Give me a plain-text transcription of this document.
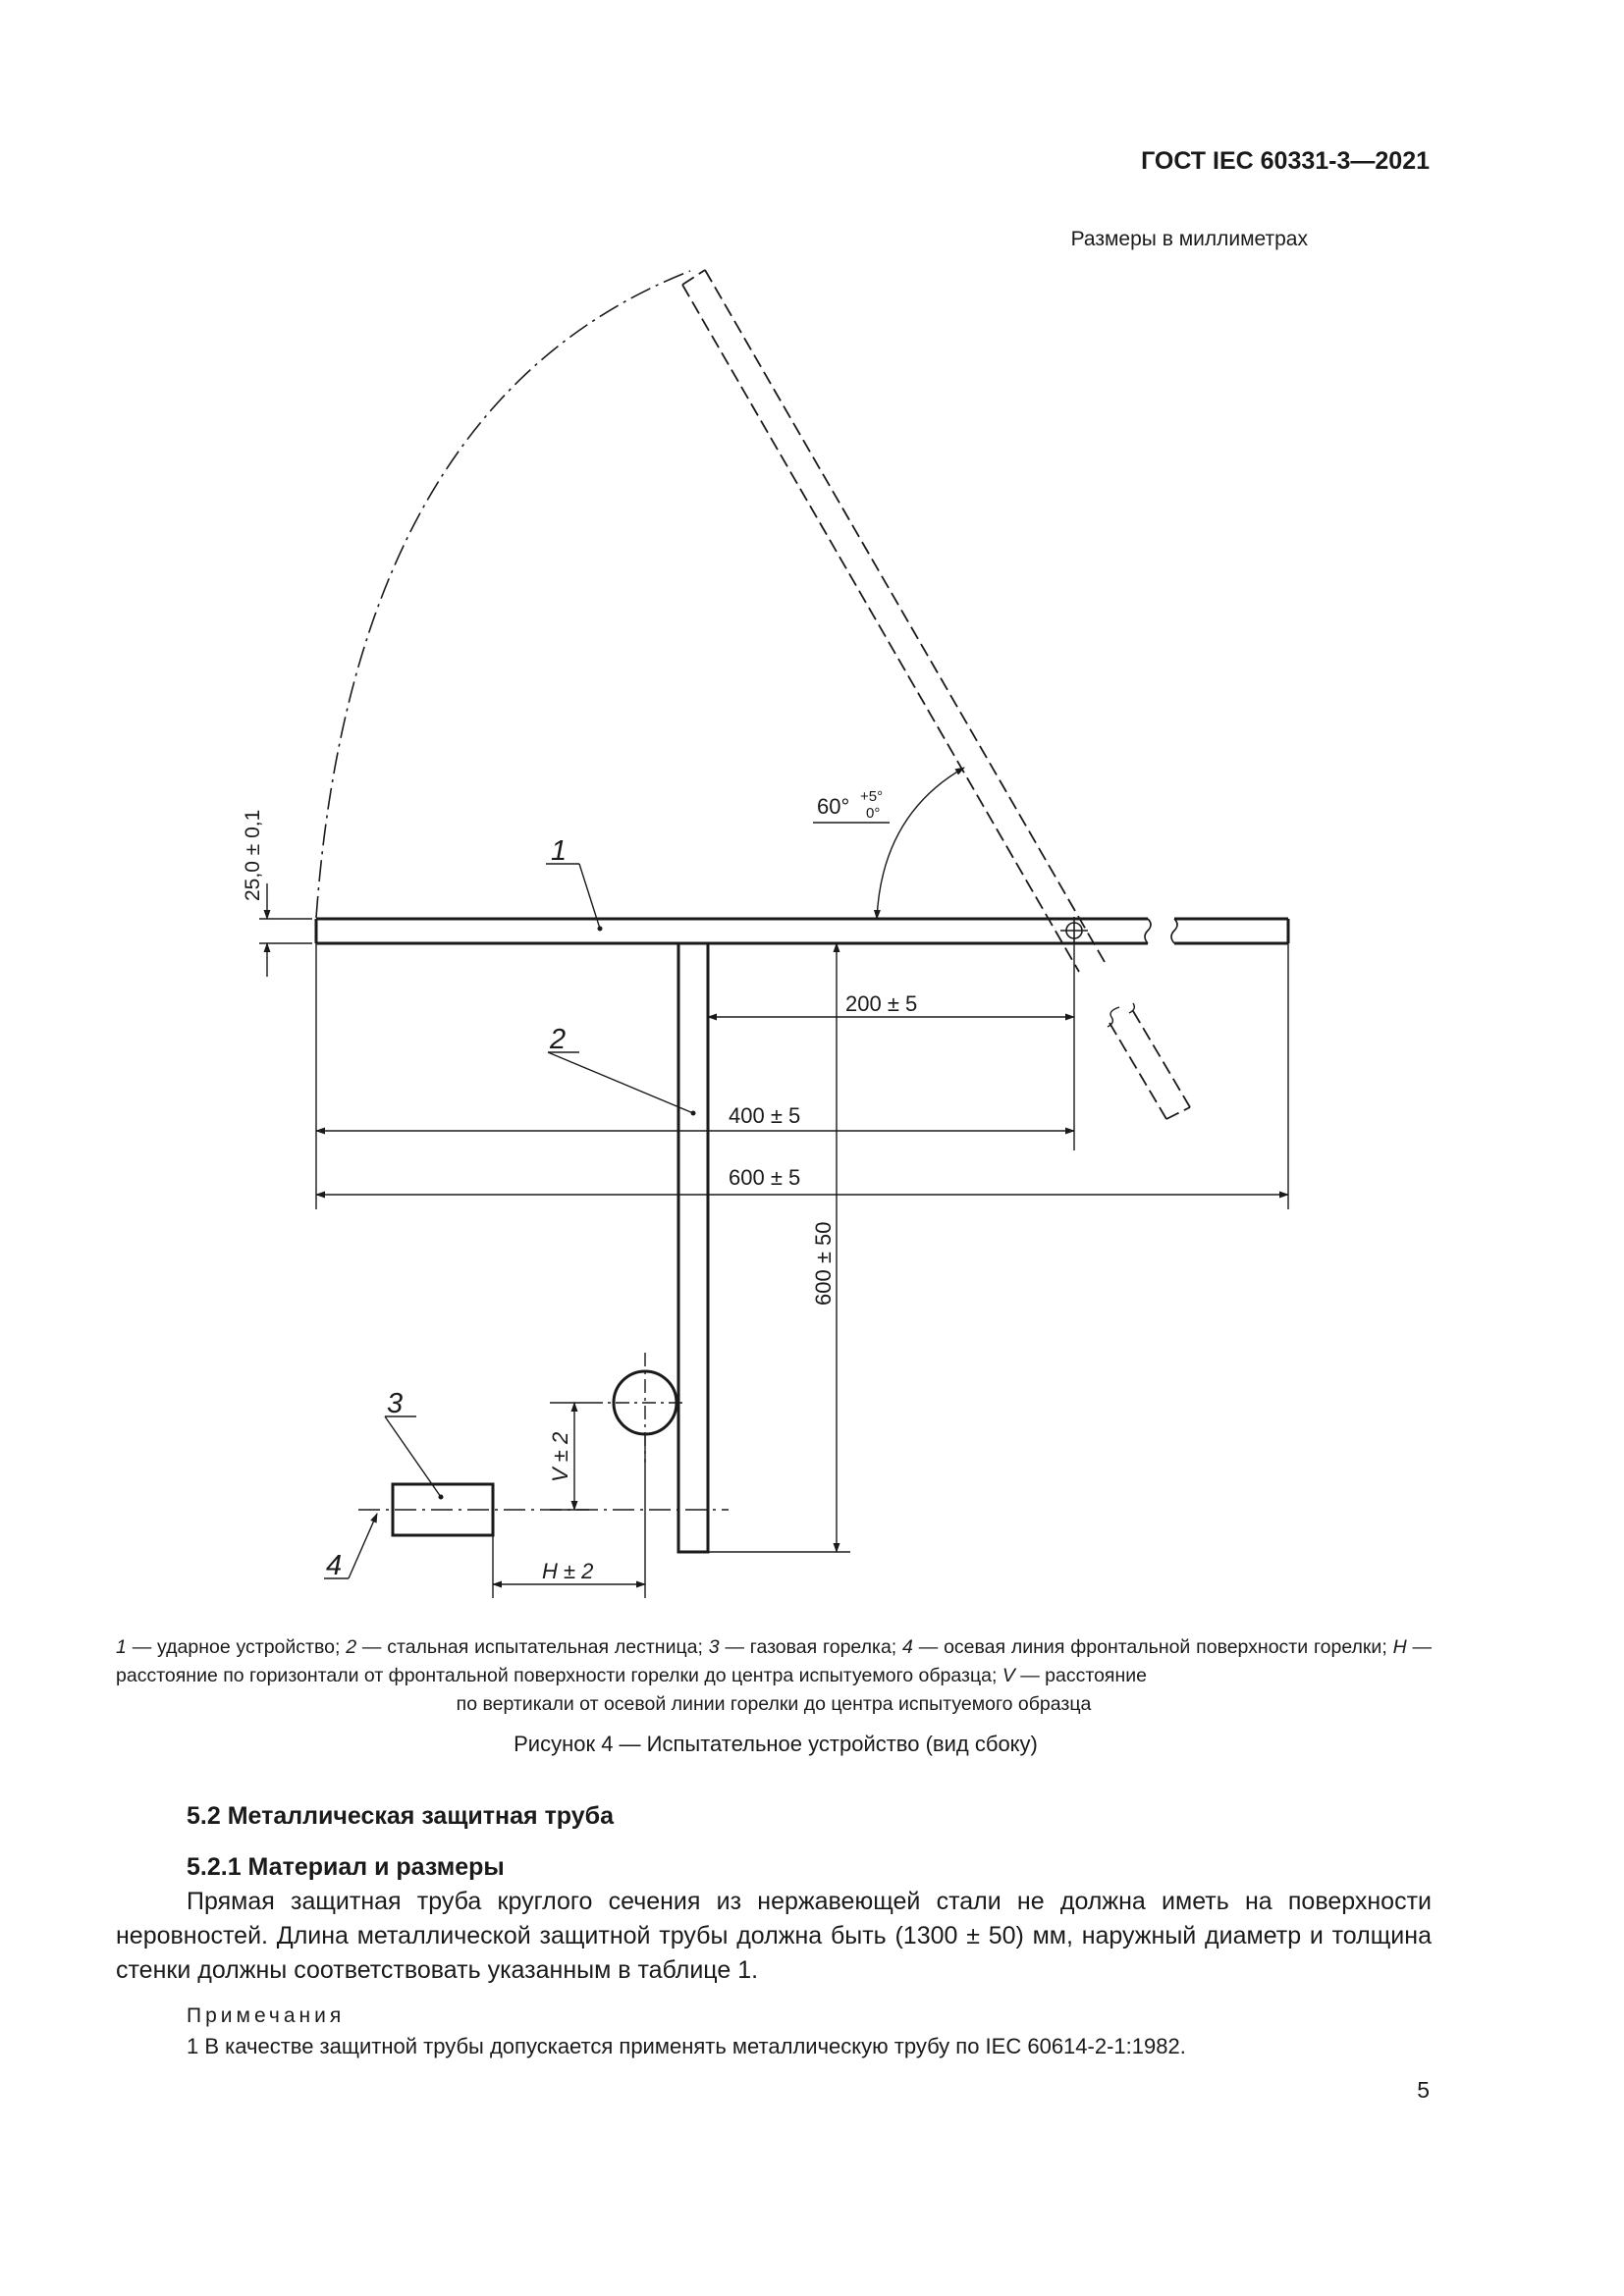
ГОСТ IEC 60331-3—2021
Размеры в миллиметрах
25,0 ± 0,1
60° +5°
0°
200 ± 5
400 ± 5
600 ± 5
600 ± 50
V ± 2
H ± 2
1
2
3
4
1 — ударное устройство; 2 — стальная испытательная лестница; 3 — газовая горелка; 4 — осевая линия фронтальной поверхности горелки; H — расстояние по горизонтали от фронтальной поверхности горелки до центра испытуемого образца; V — расстояние
по вертикали от осевой линии горелки до центра испытуемого образца
Рисунок 4 — Испытательное устройство (вид сбоку)
5.2 Металлическая защитная труба
5.2.1 Материал и размеры
Прямая защитная труба круглого сечения из нержавеющей стали не должна иметь на поверхности неровностей. Длина металлической защитной трубы должна быть (1300 ± 50) мм, наружный диаметр и толщина стенки должны соответствовать указанным в таблице 1.
Примечания
1 В качестве защитной трубы допускается применять металлическую трубу по IEC 60614-2-1:1982.
5
